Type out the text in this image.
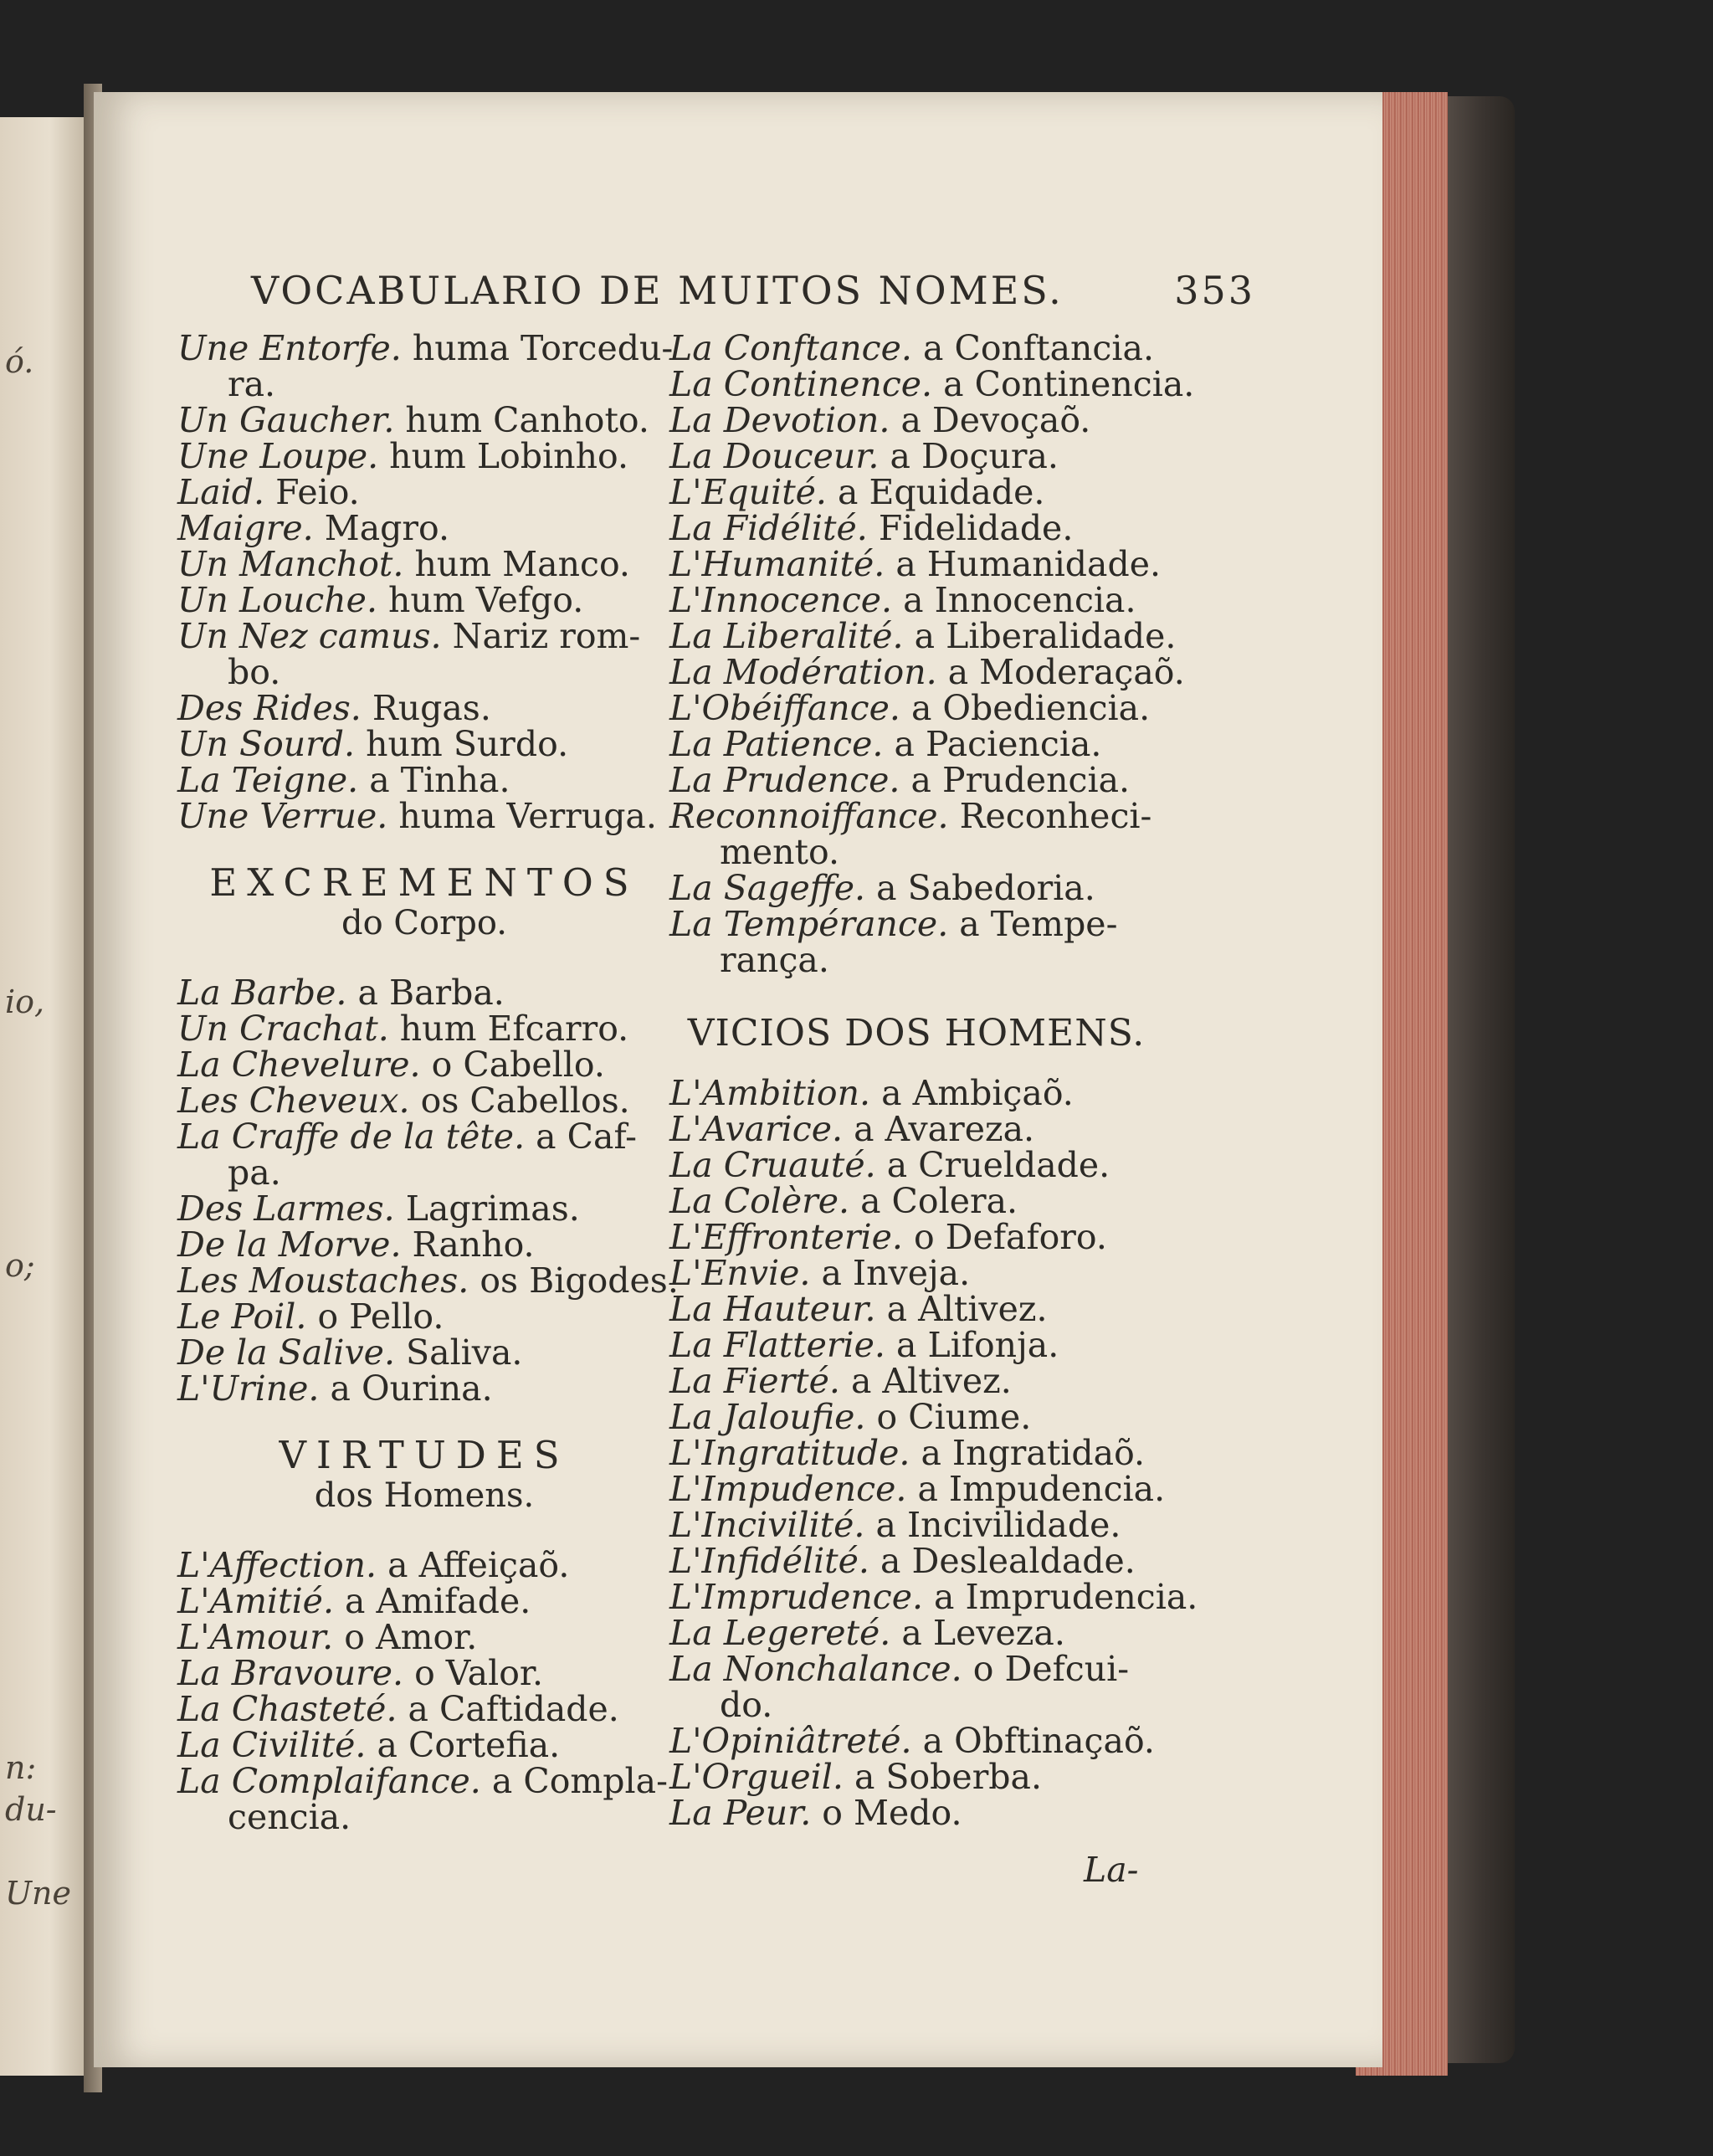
ó.
io,
o;
n:
du-
Une
VOCABULARIO DE MUITOS NOMES.	353
Une Entorfe. huma Torcedu-
ra.
Un Gaucher. hum Canhoto.
Une Loupe. hum Lobinho.
Laid. Feio.
Maigre. Magro.
Un Manchot. hum Manco.
Un Louche. hum Vefgo.
Un Nez camus. Nariz rom-
bo.
Des Rides. Rugas.
Un Sourd. hum Surdo.
La Teigne. a Tinha.
Une Verrue. huma Verruga.
EXCREMENTOS
do Corpo.
La Barbe. a Barba.
Un Crachat. hum Efcarro.
La Chevelure. o Cabello.
Les Cheveux. os Cabellos.
La Craffe de la tête. a Caf-
pa.
Des Larmes. Lagrimas.
De la Morve. Ranho.
Les Moustaches. os Bigodes.
Le Poil. o Pello.
De la Salive. Saliva.
L'Urine. a Ourina.
VIRTUDES
dos Homens.
L'Affection. a Affeiçaõ.
L'Amitié. a Amifade.
L'Amour. o Amor.
La Bravoure. o Valor.
La Chasteté. a Caftidade.
La Civilité. a Cortefia.
La Complaifance. a Compla-
cencia.
La Conftance. a Conftancia.
La Continence. a Continencia.
La Devotion. a Devoçaõ.
La Douceur. a Doçura.
L'Equité. a Equidade.
La Fidélité. Fidelidade.
L'Humanité. a Humanidade.
L'Innocence. a Innocencia.
La Liberalité. a Liberalidade.
La Modération. a Moderaçaõ.
L'Obéiffance. a Obediencia.
La Patience. a Paciencia.
La Prudence. a Prudencia.
Reconnoiffance. Reconheci-
mento.
La Sageffe. a Sabedoria.
La Tempérance. a Tempe-
rança.
VICIOS DOS HOMENS.
L'Ambition. a Ambiçaõ.
L'Avarice. a Avareza.
La Cruauté. a Crueldade.
La Colère. a Colera.
L'Effronterie. o Defaforo.
L'Envie. a Inveja.
La Hauteur. a Altivez.
La Flatterie. a Lifonja.
La Fierté. a Altivez.
La Jaloufie. o Ciume.
L'Ingratitude. a Ingratidaõ.
L'Impudence. a Impudencia.
L'Incivilité. a Incivilidade.
L'Infidélité. a Deslealdade.
L'Imprudence. a Imprudencia.
La Legereté. a Leveza.
La Nonchalance. o Defcui-
do.
L'Opiniâtreté. a Obftinaçaõ.
L'Orgueil. a Soberba.
La Peur. o Medo.
La-
